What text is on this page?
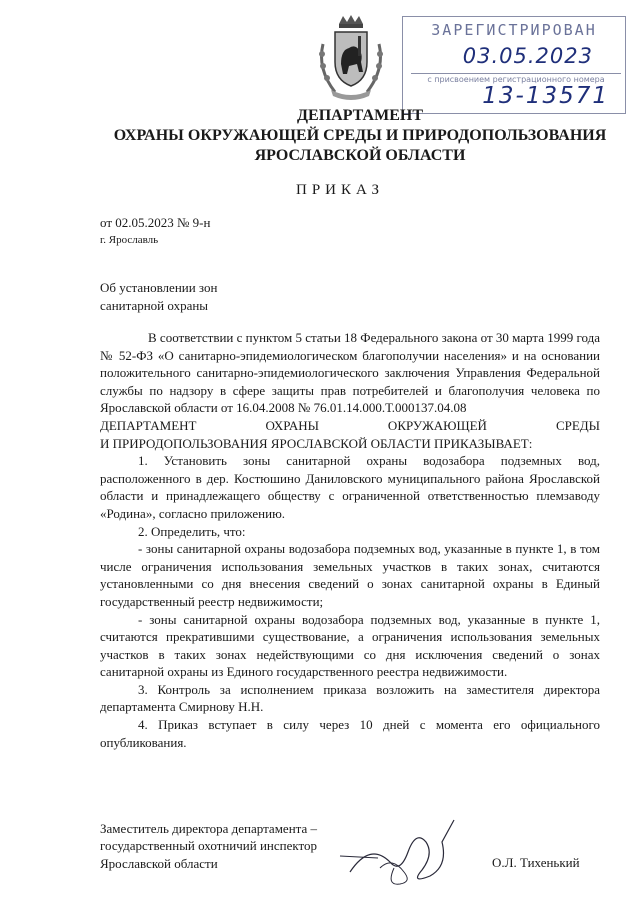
ЗАРЕГИСТРИРОВАН
03.05.2023
с присвоением регистрационного номера
13-13571
ДЕПАРТАМЕНТ
ОХРАНЫ ОКРУЖАЮЩЕЙ СРЕДЫ И ПРИРОДОПОЛЬЗОВАНИЯ
ЯРОСЛАВСКОЙ ОБЛАСТИ
ПРИКАЗ
от 02.05.2023 № 9-н
г. Ярославль
Об установлении зон
санитарной охраны

В соответствии с пунктом 5 статьи 18 Федерального закона от 30 марта 1999 года № 52-ФЗ «О санитарно-эпидемиологическом благополучии населения» и на основании положительного санитарно-эпидемиологического заключения Управления Федеральной службы по надзору в сфере защиты прав потребителей и благополучия человека по Ярославской области от 16.04.2008 № 76.01.14.000.Т.000137.04.08

ДЕПАРТАМЕНТ ОХРАНЫ ОКРУЖАЮЩЕЙ СРЕДЫ

И ПРИРОДОПОЛЬЗОВАНИЯ ЯРОСЛАВСКОЙ ОБЛАСТИ ПРИКАЗЫВАЕТ:

1. Установить зоны санитарной охраны водозабора подземных вод, расположенного в дер. Костюшино Даниловского муниципального района Ярославской области и принадлежащего обществу с ограниченной ответственностью племзаводу «Родина», согласно приложению.

2. Определить, что:

- зоны санитарной охраны водозабора подземных вод, указанные в пункте 1, в том числе ограничения использования земельных участков в таких зонах, считаются установленными со дня внесения сведений о зонах санитарной охраны в Единый государственный реестр недвижимости;

- зоны санитарной охраны водозабора подземных вод, указанные в пункте 1, считаются прекратившими существование, а ограничения использования земельных участков в таких зонах недействующими со дня исключения сведений о зонах санитарной охраны из Единого государственного реестра недвижимости.

3. Контроль за исполнением приказа возложить на заместителя директора департамента Смирнову Н.Н.

4. Приказ вступает в силу через 10 дней с момента его официального опубликования.

Заместитель директора департамента –
государственный охотничий инспектор
Ярославской области	О.Л. Тихенький
